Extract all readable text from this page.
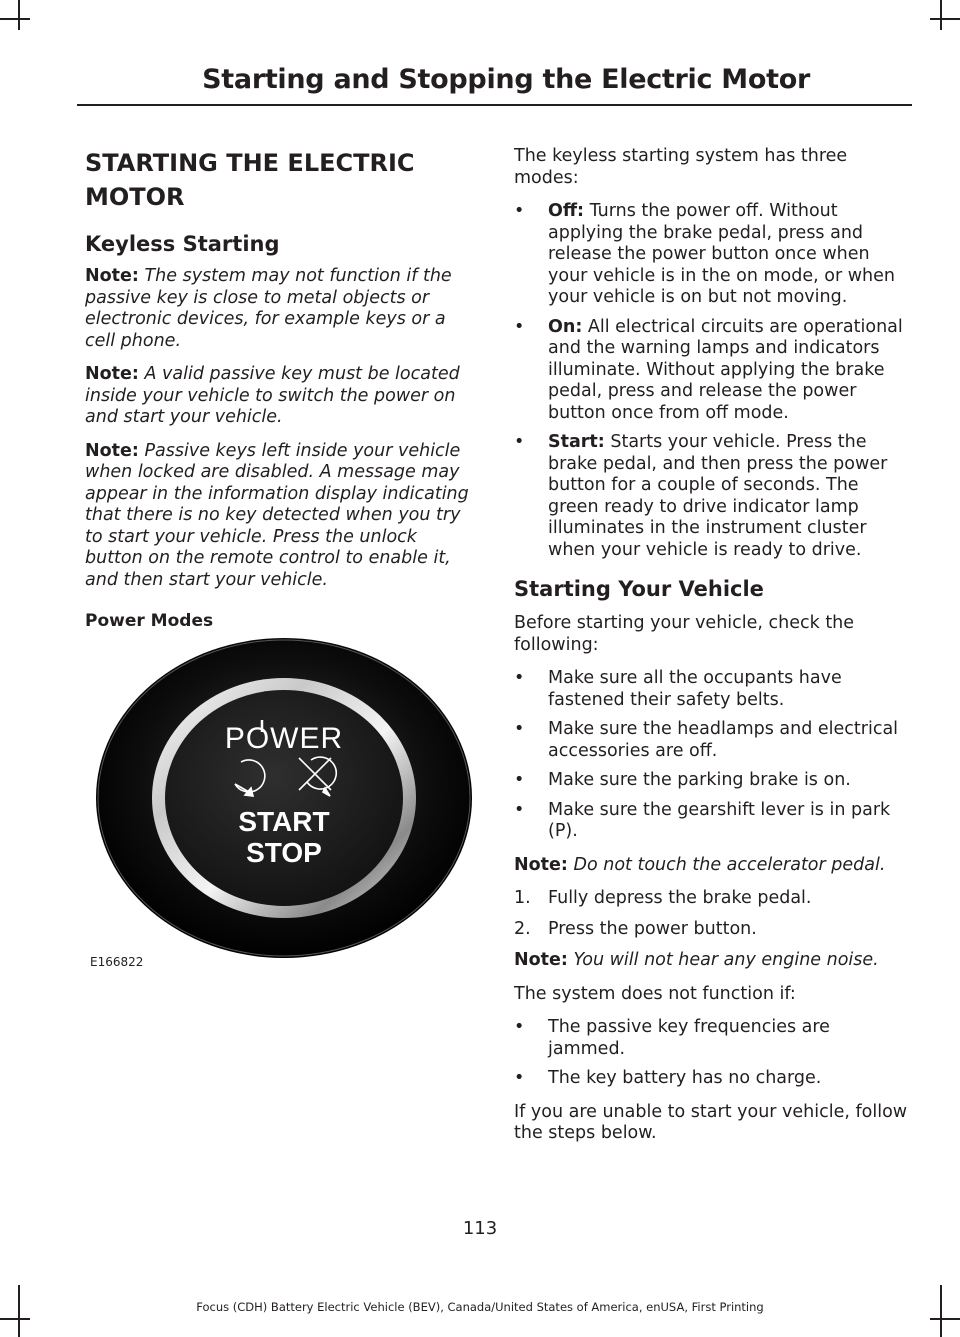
Starting and Stopping the Electric Motor
STARTING THE ELECTRIC MOTOR
Keyless Starting

Note: The system may not function if the passive key is close to metal objects or electronic devices, for example keys or a cell phone.

Note: A valid passive key must be located inside your vehicle to switch the power on and start your vehicle.

Note: Passive keys left inside your vehicle when locked are disabled. A message may appear in the information display indicating that there is no key detected when you try to start your vehicle. Press the unlock button on the remote control to enable it, and then start your vehicle.

Power Modes
POWER
START
STOP
E166822

The keyless starting system has three modes:

• Off: Turns the power off. Without applying the brake pedal, press and release the power button once when your vehicle is in the on mode, or when your vehicle is on but not moving.
• On: All electrical circuits are operational and the warning lamps and indicators illuminate. Without applying the brake pedal, press and release the power button once from off mode.
• Start: Starts your vehicle. Press the brake pedal, and then press the power button for a couple of seconds. The green ready to drive indicator lamp illuminates in the instrument cluster when your vehicle is ready to drive.
Starting Your Vehicle

Before starting your vehicle, check the following:

• Make sure all the occupants have fastened their safety belts.
• Make sure the headlamps and electrical accessories are off.
• Make sure the parking brake is on.
• Make sure the gearshift lever is in park (P).

Note: Do not touch the accelerator pedal.

1. Fully depress the brake pedal.
2. Press the power button.

Note: You will not hear any engine noise.

The system does not function if:

• The passive key frequencies are jammed.
• The key battery has no charge.

If you are unable to start your vehicle, follow the steps below.

113
Focus (CDH) Battery Electric Vehicle (BEV), Canada/United States of America, enUSA, First Printing
